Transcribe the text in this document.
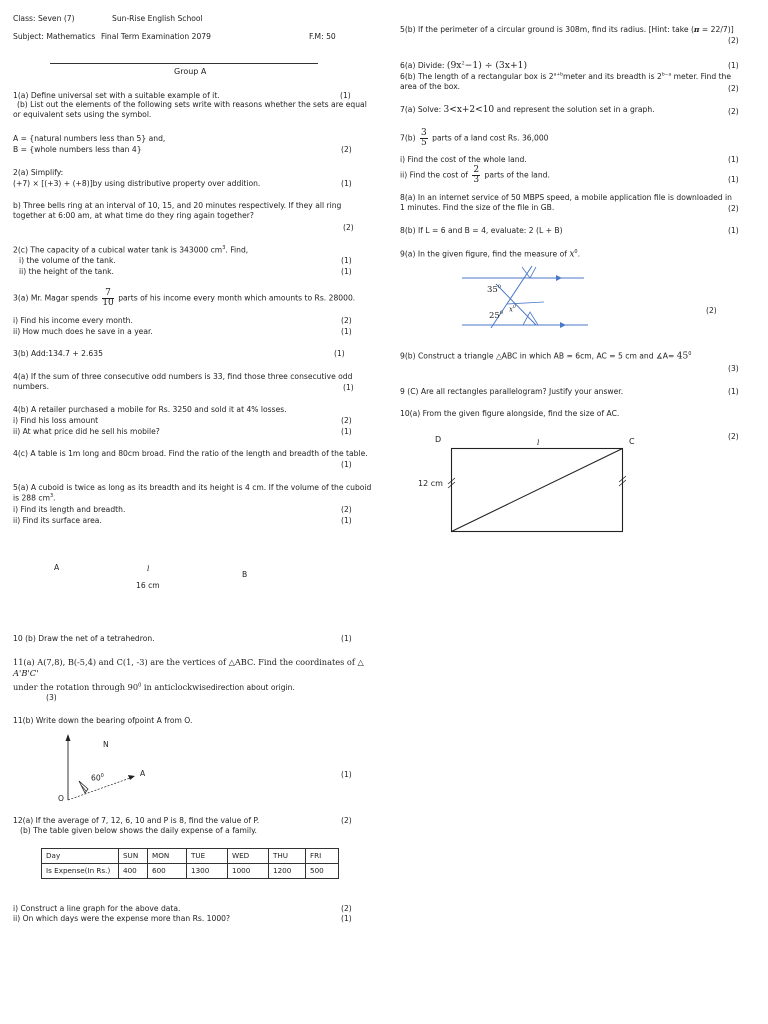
Class: Seven (7)	Sun-Rise English School
Subject: Mathematics Final Term Examination 2079	F.M: 50
Group A
1(a) Define universal set with a suitable example of it.	(1)
(b) List out the elements of the following sets write with reasons whether the sets are equal or equivalent sets using the symbol.
A = {natural numbers less than 5} and,
B = {whole numbers less than 4}	(2)
2(a) Simplify:
(+7) × [(+3) + (+8)]by using distributive property over addition.	(1)
b) Three bells ring at an interval of 10, 15, and 20 minutes respectively. If they all ring together at 6:00 am, at what time do they ring again together?
(2)
2(c) The capacity of a cubical water tank is 343000 $cm^3$. Find,
i) the volume of the tank.	(1)
ii) the height of the tank.	(1)
3(a) Mr. Magar spends $\frac{7}{10}$ parts of his income every month which amounts to Rs. 28000.
i) Find his income every month.	(2)
ii) How much does he save in a year.	(1)
3(b) Add:134.7 + 2.635	(1)
4(a) If the sum of three consecutive odd numbers is 33, find those three consecutive odd numbers.	(1)
4(b) A retailer purchased a mobile for Rs. 3250 and sold it at 4% losses.
i) Find his loss amount	(2)
ii) At what price did he sell his mobile?	(1)
4(c) A table is 1m long and 80cm broad. Find the ratio of the length and breadth of the table.
(1)
5(a) A cuboid is twice as long as its breadth and its height is 4 cm. If the volume of the cuboid is 288 $cm^3$.
i) Find its length and breadth.	(2)
ii) Find its surface area.	(1)
A	l
B
16 cm
10 (b) Draw the net of a tetrahedron.	(1)
11(a) A(7,8), B(-5,4) and C(1, -3) are the vertices of △ABC. Find the coordinates of △
A'B'C'
under the rotation through $90^0$ in anticlockwisedirection about origin.
(3)
11(b) Write down the bearing ofpoint A from O.
N
$60^0$	A
O
(1)
12(a) If the average of 7, 12, 6, 10 and P is 8, find the value of P.	(2)
(b) The table given below shows the daily expense of a family.
Day	SUN	MON	TUE	WED	THU	FRI
Is Expense(In Rs.)	400	600	1300	1000	1200	500
i) Construct a line graph for the above data.	(2)
ii) On which days were the expense more than Rs. 1000?	(1)
5(b) If the perimeter of a circular ground is 308m, find its radius. [Hint: take (π = 22/7)]
(2)
6(a) Divide: $(9x^2-1) \div (3x+1)$	(1)
6(b) The length of a rectangular box is $2^{a+b}meter$ and its breadth is $2^{b-a}$ meter. Find the area of the box.	(2)
7(a) Solve: 3<x+2<10 and represent the solution set in a graph.	(2)
$7(b) \frac{3}{5}$ parts of a land cost Rs. 36,000
i) Find the cost of the whole land.	(1)
ii) Find the cost of $\frac{2}{3}$ parts of the land.	(1)
8(a) In an internet service of 50 MBPS speed, a mobile application file is downloaded in 1 minutes. Find the size of the file in GB.	(2)
8(b) If L = 6 and B = 4, evaluate: 2 (L + B)	(1)
9(a) In the given figure, find the measure of $x^0$.
$35^0$
$25^0$ $x^0$	(2)
9(b) Construct a triangle △ABC in which AB = 6cm, AC = 5 cm and ∡A= $45^0$
(3)
9 (C) Are all rectangles parallelogram? Justify your answer.	(1)
10(a) From the given figure alongside, find the size of AC.
(2)
D	C
l
12 cm
